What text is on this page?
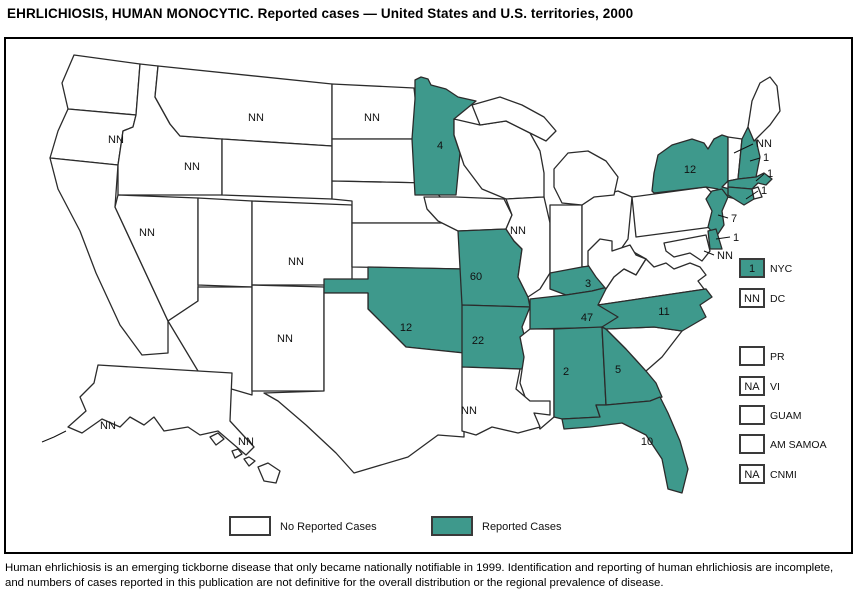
EHRLICHIOSIS, HUMAN MONOCYTIC. Reported cases — United States and U.S. territories, 2000
4
60
12
22
3
47
2	5
10
11
12
NN
NN
NN
NN	NN
NN
NN
NN
NN
NN
NN
NN
1
1
1
7
1
NN
1 NYC
NN DC
PR
NA VI
GUAM
AM SAMOA
NA CNMI
No Reported Cases	Reported Cases
Human ehrlichiosis is an emerging tickborne disease that only became nationally notifiable in 1999. Identification and reporting of human ehrlichiosis are incomplete, and numbers of cases reported in this publication are not definitive for the overall distribution or the regional prevalence of disease.
